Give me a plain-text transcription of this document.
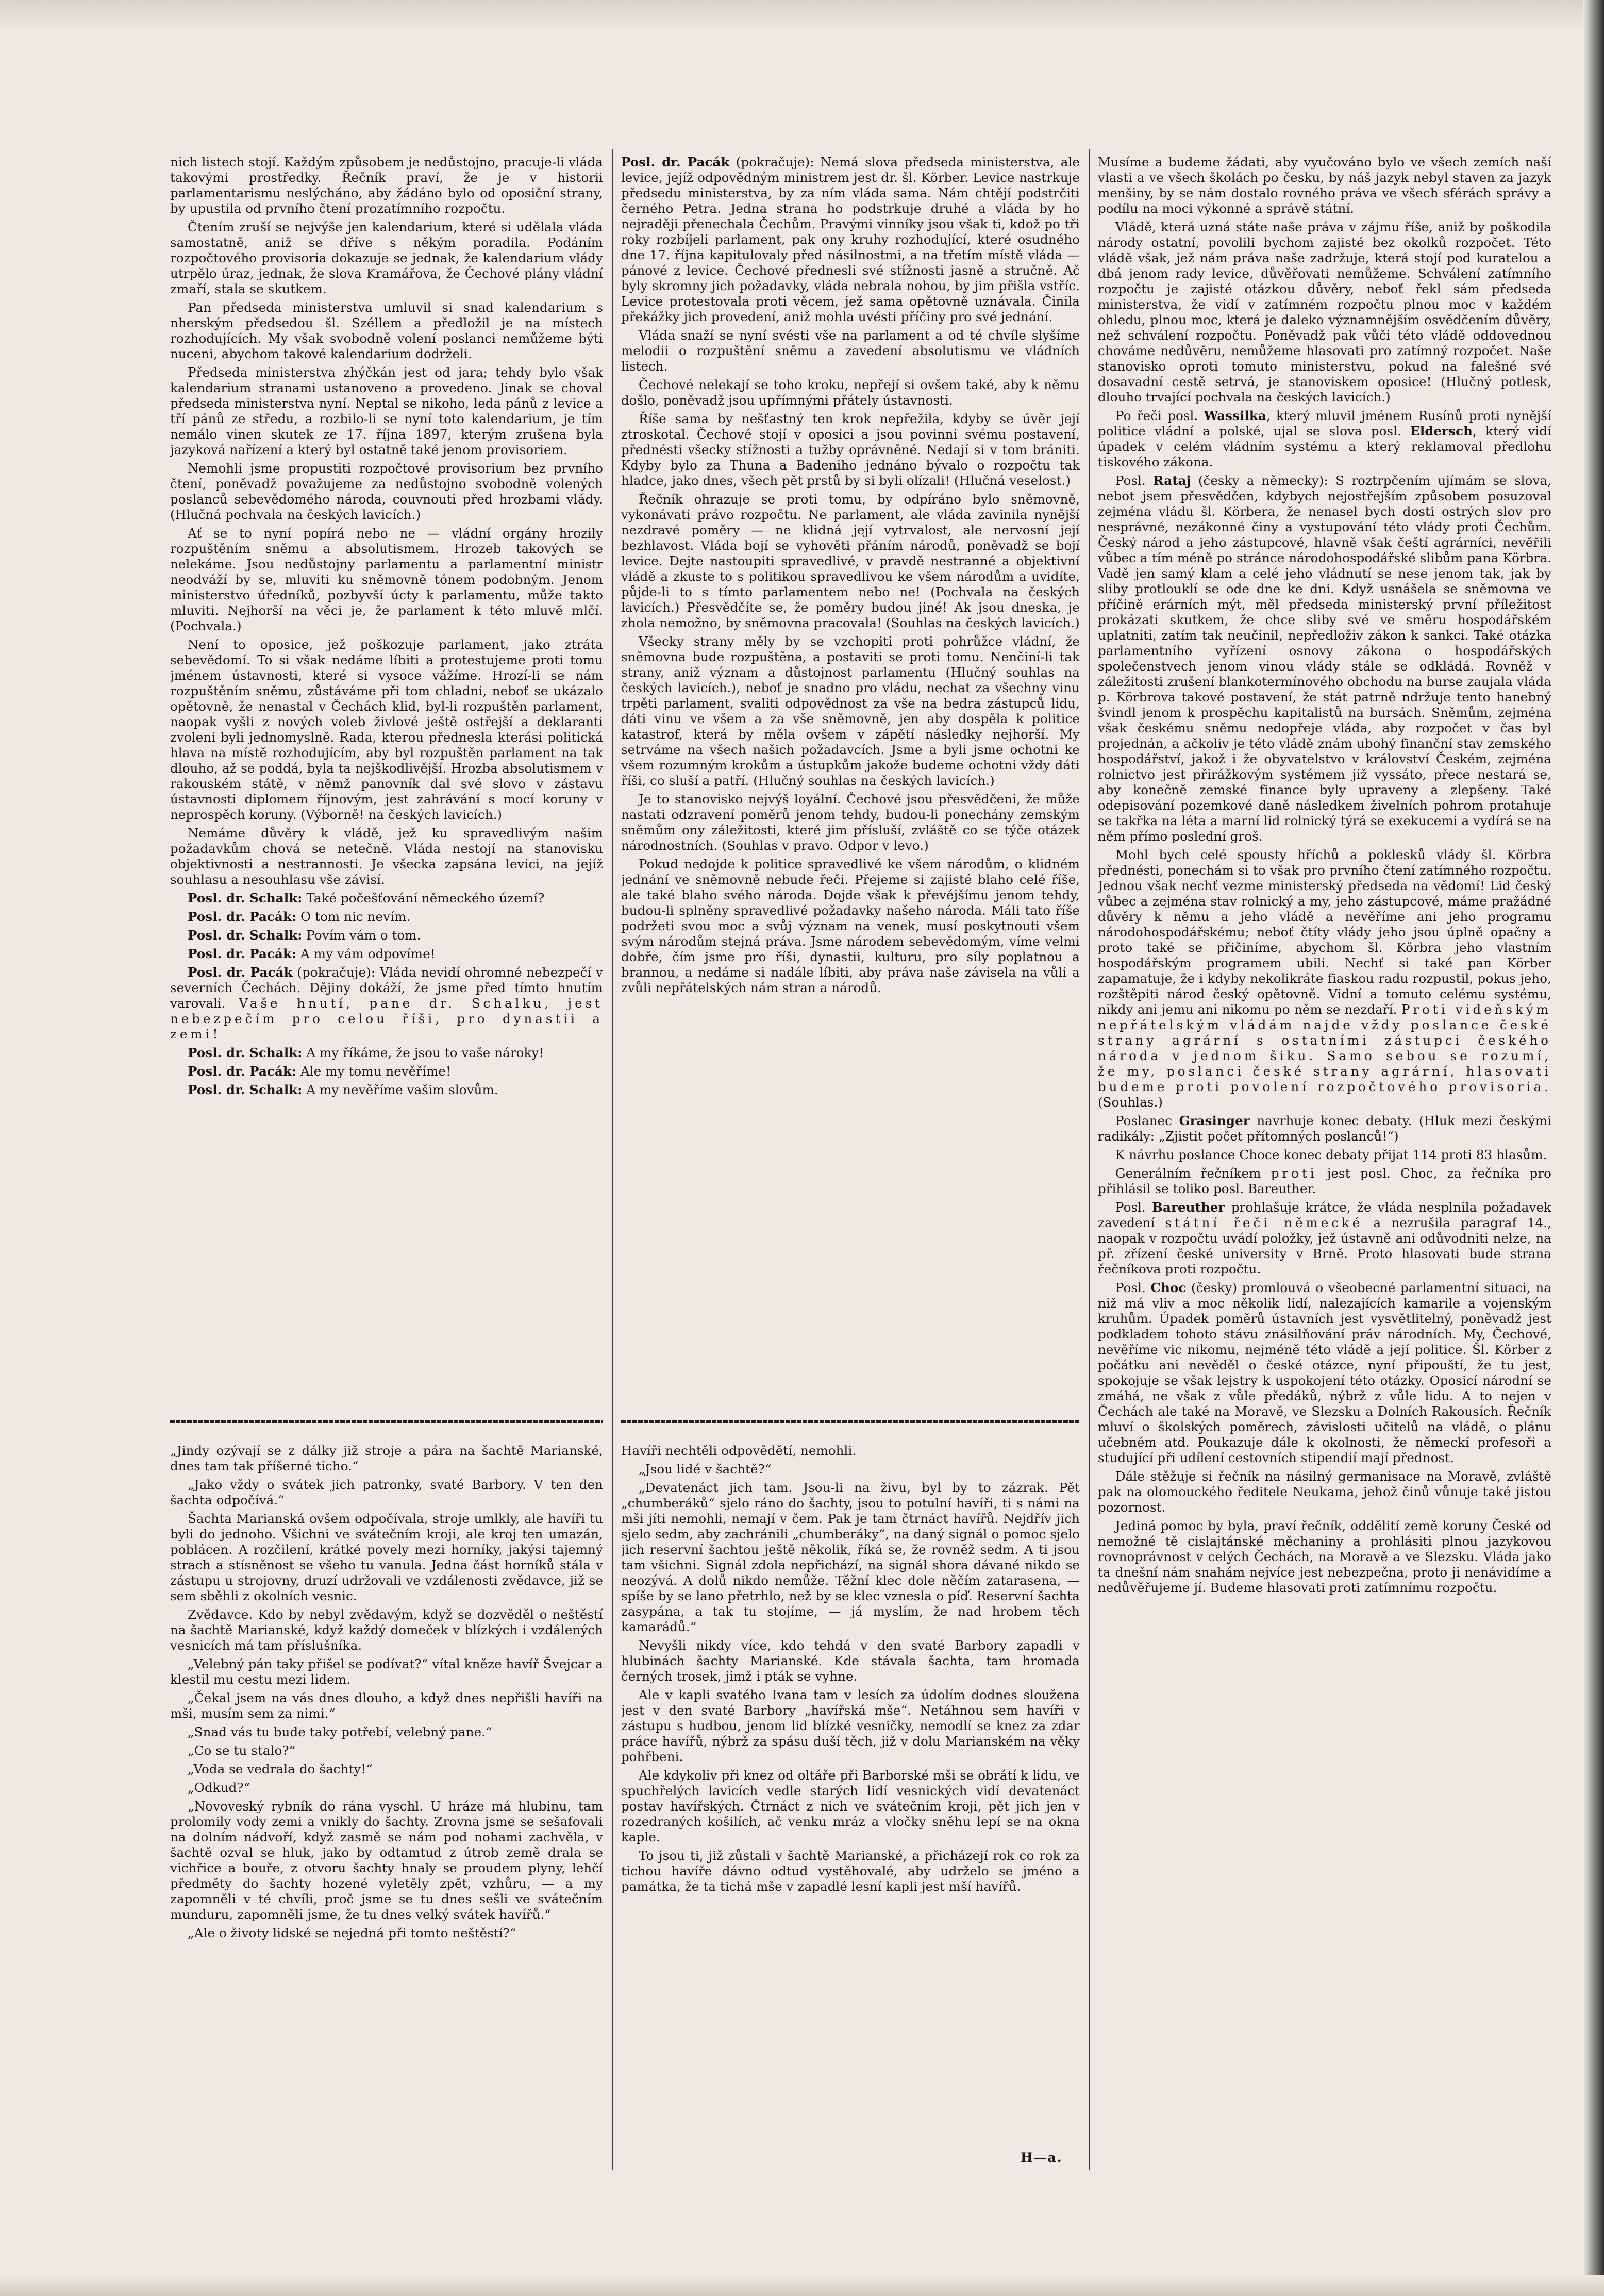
nich listech stojí. Každým způsobem je nedůstojno, pracuje-li vláda takovými prostředky. Řečník praví, že je v historii parlamentarismu neslýcháno, aby žádáno bylo od oposiční strany, by upustila od prvního čtení prozatímního rozpočtu.

Čtením zruší se nejvýše jen kalendarium, které si udělala vláda samostatně, aniž se dříve s někým poradila. Podáním rozpočtového provisoria dokazuje se jednak, že kalendarium vlády utrpělo úraz, jednak, že slova Kramářova, že Čechové plány vládní zmaří, stala se skutkem.

Pan předseda ministerstva umluvil si snad kalendarium s nherským předsedou šl. Széllem a předložil je na místech rozhodujících. My však svobodně volení poslanci nemůžeme býti nuceni, abychom takové kalendarium dodrželi.

Předseda ministerstva zhýčkán jest od jara; tehdy bylo však kalendarium stranami ustanoveno a provedeno. Jinak se choval předseda ministerstva nyní. Neptal se nikoho, leda pánů z levice a tří pánů ze středu, a rozbilo-li se nyní toto kalendarium, je tím nemálo vinen skutek ze 17. října 1897, kterým zrušena byla jazyková nařízení a který byl ostatně také jenom provisoriem.

Nemohli jsme propustiti rozpočtové provisorium bez prvního čtení, poněvadž považujeme za nedůstojno svobodně volených poslanců sebevědomého národa, couvnouti před hrozbami vlády. (Hlučná pochvala na českých lavicích.)

Ať se to nyní popírá nebo ne — vládní orgány hrozily rozpuštěním sněmu a absolutismem. Hrozeb takových se nelekáme. Jsou nedůstojny parlamentu a parlamentní ministr neodváží by se, mluviti ku sněmovně tónem podobným. Jenom ministerstvo úředníků, pozbyvší úcty k parlamentu, může takto mluviti. Nejhorší na věci je, že parlament k této mluvě mlčí. (Pochvala.)

Není to oposice, jež poškozuje parlament, jako ztráta sebevědomí. To si však nedáme líbiti a protestujeme proti tomu jménem ústavnosti, které si vysoce vážíme. Hrozí-li se nám rozpuštěním sněmu, zůstáváme při tom chladni, neboť se ukázalo opětovně, že nenastal v Čechách klid, byl-li rozpuštěn parlament, naopak vyšli z nových voleb živlové ještě ostřejší a deklaranti zvoleni byli jednomyslně. Rada, kterou přednesla kterási politická hlava na místě rozhodujícím, aby byl rozpuštěn parlament na tak dlouho, až se poddá, byla ta nejškodlivější. Hrozba absolutismem v rakouském státě, v němž panovník dal své slovo v zástavu ústavnosti diplomem říjnovým, jest zahrávání s mocí koruny v neprospěch koruny. (Výborně! na českých lavicích.)

Nemáme důvěry k vládě, jež ku spravedlivým našim požadavkům chová se netečně. Vláda nestojí na stanovisku objektivnosti a nestrannosti. Je všecka zapsána levici, na jejíž souhlasu a nesouhlasu vše závisí.

Posl. dr. Schalk: Také počešťování německého území?

Posl. dr. Pacák: O tom nic nevím.

Posl. dr. Schalk: Povím vám o tom.

Posl. dr. Pacák: A my vám odpovíme!

Posl. dr. Pacák (pokračuje): Vláda nevidí ohromné nebezpečí v severních Čechách. Dějiny dokáží, že jsme před tímto hnutím varovali. Vaše hnutí, pane dr. Schalku, jest nebezpečím pro celou říši, pro dynastii a zemi!

Posl. dr. Schalk: A my říkáme, že jsou to vaše nároky!

Posl. dr. Pacák: Ale my tomu nevěříme!

Posl. dr. Schalk: A my nevěříme vašim slovům.

Posl. dr. Pacák (pokračuje): Nemá slova předseda ministerstva, ale levice, jejíž odpovědným ministrem jest dr. šl. Körber. Levice nastrkuje předsedu ministerstva, by za ním vláda sama. Nám chtějí podstrčiti černého Petra. Jedna strana ho podstrkuje druhé a vláda by ho nejraději přenechala Čechům. Pravými vinníky jsou však ti, kdož po tři roky rozbíjeli parlament, pak ony kruhy rozhodující, které osudného dne 17. října kapitulovaly před násilnostmi, a na třetím místě vláda — pánové z levice. Čechové přednesli své stížnosti jasně a stručně. Ač byly skromny jich požadavky, vláda nebrala nohou, by jim přišla vstříc. Levice protestovala proti věcem, jež sama opětovně uznávala. Činila překážky jich provedení, aniž mohla uvésti příčiny pro své jednání.

Vláda snaží se nyní svésti vše na parlament a od té chvíle slyšíme melodii o rozpuštění sněmu a zavedení absolutismu ve vládních listech.

Čechové nelekají se toho kroku, nepřejí si ovšem také, aby k němu došlo, poněvadž jsou upřímnými přátely ústavnosti.

Říše sama by nešťastný ten krok nepřežila, kdyby se úvěr její ztroskotal. Čechové stojí v oposici a jsou povinni svému postavení, přednésti všecky stížnosti a tužby oprávněné. Nedají si v tom brániti. Kdyby bylo za Thuna a Badeniho jednáno bývalo o rozpočtu tak hladce, jako dnes, všech pět prstů by si byli olízali! (Hlučná veselost.)

Řečník ohrazuje se proti tomu, by odpíráno bylo sněmovně, vykonávati právo rozpočtu. Ne parlament, ale vláda zavinila nynější nezdravé poměry — ne klidná její vytrvalost, ale nervosní její bezhlavost. Vláda bojí se vyhověti přáním národů, poněvadž se bojí levice. Dejte nastoupiti spravedlivé, v pravdě nestranné a objektivní vládě a zkuste to s politikou spravedlivou ke všem národům a uvidíte, půjde-li to s tímto parlamentem nebo ne! (Pochvala na českých lavicích.) Přesvědčíte se, že poměry budou jiné! Ak jsou dneska, je zhola nemožno, by sněmovna pracovala! (Souhlas na českých lavicích.)

Všecky strany měly by se vzchopiti proti pohrůžce vládní, že sněmovna bude rozpuštěna, a postaviti se proti tomu. Nenčiní-li tak strany, aniž význam a důstojnost parlamentu (Hlučný souhlas na českých lavicích.), neboť je snadno pro vládu, nechat za všechny vinu trpěti parlament, svaliti odpovědnost za vše na bedra zástupců lidu, dáti vinu ve všem a za vše sněmovně, jen aby dospěla k politice katastrof, která by měla ovšem v zápětí následky nejhorší. My setrváme na všech našich požadavcích. Jsme a byli jsme ochotni ke všem rozumným krokům a ústupkům jakože budeme ochotni vždy dáti říši, co sluší a patří. (Hlučný souhlas na českých lavicích.)

Je to stanovisko nejvýš loyální. Čechové jsou přesvědčeni, že může nastati odzravení poměrů jenom tehdy, budou-li ponechány zemským sněmům ony záležitosti, které jim přísluší, zvláště co se týče otázek národnostních. (Souhlas v pravo. Odpor v levo.)

Pokud nedojde k politice spravedlivé ke všem národům, o klidném jednání ve sněmovně nebude řeči. Přejeme si zajisté blaho celé říše, ale také blaho svého národa. Dojde však k převéjšímu jenom tehdy, budou-li splněny spravedlivé požadavky našeho národa. Máli tato říše podržeti svou moc a svůj význam na venek, musí poskytnouti všem svým národům stejná práva. Jsme národem sebevědomým, víme velmi dobře, čím jsme pro říši, dynastii, kulturu, pro síly poplatnou a brannou, a nedáme si nadále líbiti, aby práva naše závisela na vůli a zvůli nepřátelských nám stran a národů.

Musíme a budeme žádati, aby vyučováno bylo ve všech zemích naší vlasti a ve všech školách po česku, by náš jazyk nebyl staven za jazyk menšiny, by se nám dostalo rovného práva ve všech sférách správy a podílu na moci výkonné a správě státní.

Vládě, která uzná státe naše práva v zájmu říše, aniž by poškodila národy ostatní, povolili bychom zajisté bez okolků rozpočet. Této vládě však, jež nám práva naše zadržuje, která stojí pod kuratelou a dbá jenom rady levice, důvěřovati nemůžeme. Schválení zatímního rozpočtu je zajisté otázkou důvěry, neboť řekl sám předseda ministerstva, že vidí v zatímném rozpočtu plnou moc v každém ohledu, plnou moc, která je daleko významnějším osvědčením důvěry, než schválení rozpočtu. Poněvadž pak vůči této vládě oddovednou chováme nedůvěru, nemůžeme hlasovati pro zatímný rozpočet. Naše stanovisko oproti tomuto ministerstvu, pokud na falešné své dosavadní cestě setrvá, je stanoviskem oposice! (Hlučný potlesk, dlouho trvající pochvala na českých lavicích.)

Po řeči posl. Wassilka, který mluvil jménem Rusínů proti nynější politice vládní a polské, ujal se slova posl. Eldersch, který vidí úpadek v celém vládním systému a který reklamoval předlohu tiskového zákona.

Posl. Rataj (česky a německy): S roztrpčením ujímám se slova, nebot jsem přesvědčen, kdybych nejostřejším způsobem posuzoval zejména vládu šl. Körbera, že nenasel bych dosti ostrých slov pro nesprávné, nezákonné činy a vystupování této vlády proti Čechům. Český národ a jeho zástupcové, hlavně však čeští agrárníci, nevěřili vůbec a tím méně po stránce národohospodářské slibům pana Körbra. Vadě jen samý klam a celé jeho vládnutí se nese jenom tak, jak by sliby protlouklí se ode dne ke dni. Když usnášela se sněmovna ve příčině erárních mýt, měl předseda ministerský první příležitost prokázati skutkem, že chce sliby své ve směru hospodářském uplatniti, zatím tak neučinil, nepředloživ zákon k sankci. Také otázka parlamentního vyřízení osnovy zákona o hospodářských společenstvech jenom vinou vlády stále se odkládá. Rovněž v záležitosti zrušení blankotermínového obchodu na burse zaujala vláda p. Körbrova takové postavení, že stát patrně ndržuje tento hanebný švindl jenom k prospěchu kapitalistů na bursách. Sněmům, zejména však českému sněmu nedopřeje vláda, aby rozpočet v čas byl projednán, a ačkoliv je této vládě znám ubohý finanční stav zemského hospodářství, jakož i že obyvatelstvo v království Českém, zejména rolnictvo jest přirážkovým systémem již vyssáto, přece nestará se, aby konečně zemské finance byly upraveny a zlepšeny. Také odepisování pozemkové daně následkem živelních pohrom protahuje se takřka na léta a marní lid rolnický týrá se exekucemi a vydírá se na něm přímo poslední groš.

Mohl bych celé spousty hříchů a poklesků vlády šl. Körbra přednésti, ponechám si to však pro prvního čtení zatímného rozpočtu. Jednou však nechť vezme ministerský předseda na vědomí! Lid český vůbec a zejména stav rolnický a my, jeho zástupcové, máme pražádné důvěry k němu a jeho vládě a nevěříme ani jeho programu národohospodářskému; neboť čtíty vlády jeho jsou úplně opačny a proto také se přičiníme, abychom šl. Körbra jeho vlastním hospodářským programem ubili. Nechť si také pan Körber zapamatuje, že i kdyby nekolikráte fiaskou radu rozpustil, pokus jeho, rozštěpiti národ český opětovně. Vidní a tomuto celému systému, nikdy ani jemu ani nikomu po něm se nezdaří. Proti videňským nepřátelským vládám najde vždy poslance české strany agrární s ostatními zástupci českého národa v jednom šiku. Samo sebou se rozumí, že my, poslanci české strany agrární, hlasovati budeme proti povolení rozpočtového provisoria. (Souhlas.)

Poslanec Grasinger navrhuje konec debaty. (Hluk mezi českými radikály: „Zjistit počet přítomných poslanců!“)

K návrhu poslance Choce konec debaty přijat 114 proti 83 hlasům.

Generálním řečníkem proti jest posl. Choc, za řečníka pro přihlásil se toliko posl. Bareuther.

Posl. Bareuther prohlašuje krátce, že vláda nesplnila požadavek zavedení státní řeči německé a nezrušila paragraf 14., naopak v rozpočtu uvádí položky, jež ústavně ani odůvodniti nelze, na př. zřízení české university v Brně. Proto hlasovati bude strana řečníkova proti rozpočtu.

Posl. Choc (česky) promlouvá o všeobecné parlamentní situaci, na niž má vliv a moc několik lidí, nalezajících kamarile a vojenským kruhům. Úpadek poměrů ústavních jest vysvětlitelný, poněvadž jest podkladem tohoto stávu znásilňování práv národních. My, Čechové, nevěříme vic nikomu, nejméně této vládě a její politice. Šl. Körber z počátku ani nevěděl o české otázce, nyní připouští, že tu jest, spokojuje se však lejstry k uspokojení této otázky. Oposicí národní se zmáhá, ne však z vůle předáků, nýbrž z vůle lidu. A to nejen v Čechách ale také na Moravě, ve Slezsku a Dolních Rakousích. Řečník mluví o školských poměrech, závislosti učitelů na vládě, o plánu učebném atd. Poukazuje dále k okolnosti, že německí profesoři a studující při udílení cestovních stipendií mají přednost.

Dále stěžuje si řečník na násilný germanisace na Moravě, zvláště pak na olomouckého ředitele Neukama, jehož činů vůnuje také jistou pozornost.

Jediná pomoc by byla, praví řečník, oddělití země koruny České od nemožné tě cislajtánské měchaniny a prohlásiti plnou jazykovou rovnoprávnost v celých Čechách, na Moravě a ve Slezsku. Vláda jako ta dnešní nám snahám nejvíce jest nebezpečna, proto ji nenávidíme a nedůvěřujeme jí. Budeme hlasovati proti zatímnímu rozpočtu.

„Jindy ozývají se z dálky již stroje a pára na šachtě Marianské, dnes tam tak příšerné ticho.“

„Jako vždy o svátek jich patronky, svaté Barbory. V ten den šachta odpočívá.“

Šachta Marianská ovšem odpočívala, stroje umlkly, ale havíři tu byli do jednoho. Všichni ve svátečním kroji, ale kroj ten umazán, poblácen. A rozčilení, krátké povely mezi horníky, jakýsi tajemný strach a stísněnost se všeho tu vanula. Jedna část horníků stála v zástupu u strojovny, druzí udržovali ve vzdálenosti zvědavce, již se sem sběhli z okolních vesnic.

Zvědavce. Kdo by nebyl zvědavým, když se dozvěděl o neštěstí na šachtě Marianské, když každý domeček v blízkých i vzdálených vesnicích má tam příslušníka.

„Velebný pán taky přišel se podívat?“ vítal kněze havíř Švejcar a klestil mu cestu mezi lidem.

„Čekal jsem na vás dnes dlouho, a když dnes nepřišli havíři na mši, musím sem za nimi.“

„Snad vás tu bude taky potřebí, velebný pane.“

„Co se tu stalo?“

„Voda se vedrala do šachty!“

„Odkud?“

„Novoveský rybník do rána vyschl. U hráze má hlubinu, tam prolomily vody zemi a vnikly do šachty. Zrovna jsme se sešafovali na dolním nádvoří, když zasmě se nám pod nohami zachvěla, v šachtě ozval se hluk, jako by odtamtud z útrob země drala se vichřice a bouře, z otvoru šachty hnaly se proudem plyny, lehčí předměty do šachty hozené vyletěly zpět, vzhůru, — a my zapomněli v té chvíli, proč jsme se tu dnes sešli ve svátečním munduru, zapomněli jsme, že tu dnes velký svátek havířů.“

„Ale o životy lidské se nejedná při tomto neštěstí?“

Havíři nechtěli odpovědětí, nemohli.

„Jsou lidé v šachtě?“

„Devatenáct jich tam. Jsou-li na živu, byl by to zázrak. Pět „chumberáků“ sjelo ráno do šachty, jsou to potulní havíři, ti s námi na mši jíti nemohli, nemají v čem. Pak je tam čtrnáct havířů. Nejdřív jich sjelo sedm, aby zachránili „chumberáky“, na daný signál o pomoc sjelo jich reservní šachtou ještě několik, říká se, že rovněž sedm. A ti jsou tam všichni. Signál zdola nepřichází, na signál shora dávané nikdo se neozývá. A dolů nikdo nemůže. Těžní klec dole něčím zatarasena, — spíše by se lano přetrhlo, než by se klec vznesla o píď. Reservní šachta zasypána, a tak tu stojíme, — já myslím, že nad hrobem těch kamarádů.“

Nevyšli nikdy více, kdo tehdá v den svaté Barbory zapadli v hlubinách šachty Marianské. Kde stávala šachta, tam hromada černých trosek, jimž i pták se vyhne.

Ale v kapli svatého Ivana tam v lesích za údolím dodnes sloužena jest v den svaté Barbory „havířská mše“. Netáhnou sem havíři v zástupu s hudbou, jenom lid blízké vesničky, nemodlí se knez za zdar práce havířů, nýbrž za spásu duší těch, již v dolu Marianském na věky pohřbeni.

Ale kdykoliv při knez od oltáře při Barborské mši se obrátí k lidu, ve spuchřelých lavicích vedle starých lidí vesnických vidí devatenáct postav havířských. Čtrnáct z nich ve svátečním kroji, pět jich jen v rozedraných košilích, ač venku mráz a vločky sněhu lepí se na okna kaple.

To jsou ti, již zůstali v šachtě Marianské, a přicházejí rok co rok za tichou havíře dávno odtud vystěhovalé, aby udrželo se jméno a památka, že ta tichá mše v zapadlé lesní kapli jest mší havířů.

H—a.
